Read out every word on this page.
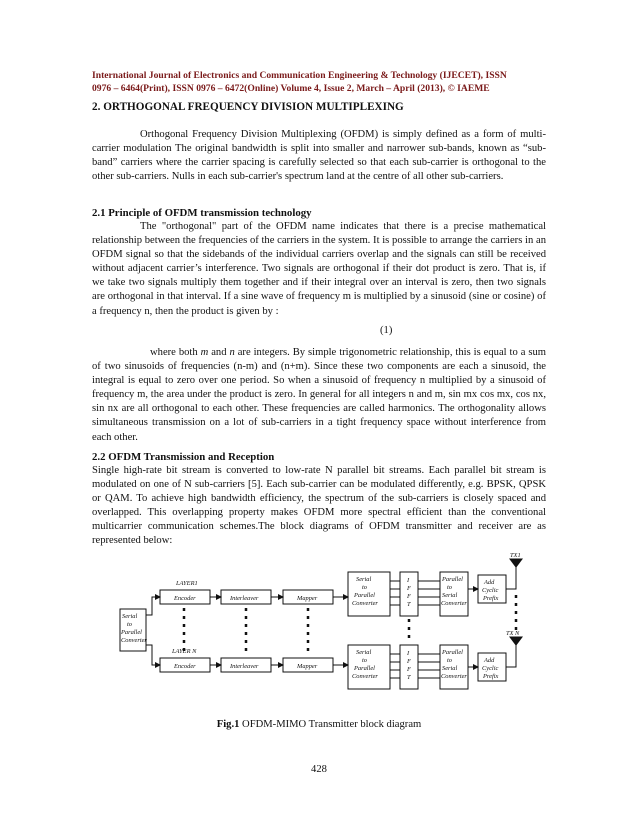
International Journal of Electronics and Communication Engineering & Technology (IJECET), ISSN
0976 – 6464(Print), ISSN 0976 – 6472(Online) Volume 4, Issue 2, March – April (2013), © IAEME
2. ORTHOGONAL FREQUENCY DIVISION MULTIPLEXING

Orthogonal Frequency Division Multiplexing (OFDM) is simply defined as a form of multi-carrier modulation The original bandwidth is split into smaller and narrower sub-bands, known as “sub-band” carriers where the carrier spacing is carefully selected so that each sub-carrier is orthogonal to the other sub-carriers. Nulls in each sub-carrier's spectrum land at the centre of all other sub-carriers.

2.1 Principle of OFDM transmission technology

The "orthogonal" part of the OFDM name indicates that there is a precise mathematical relationship between the frequencies of the carriers in the system. It is possible to arrange the carriers in an OFDM signal so that the sidebands of the individual carriers overlap and the signals can still be received without adjacent carrier’s interference. Two signals are orthogonal if their dot product is zero. That is, if we take two signals multiply them together and if their integral over an interval is zero, then two signals are orthogonal in that interval. If a sine wave of frequency m is multiplied by a sinusoid (sine or cosine) of a frequency n, then the product is given by :

(1)

where both m and n are integers. By simple trigonometric relationship, this is equal to a sum of two sinusoids of frequencies (n-m) and (n+m). Since these two components are each a sinusoid, the integral is equal to zero over one period. So when a sinusoid of frequency n multiplied by a sinusoid of frequency m, the area under the product is zero. In general for all integers n and m, sin mx cos mx, cos nx, sin nx are all orthogonal to each other. These frequencies are called harmonics. The orthogonality allows simultaneous transmission on a lot of sub-carriers in a tight frequency space without interference from each other.

2.2 OFDM Transmission and Reception

Single high-rate bit stream is converted to low-rate N parallel bit streams. Each parallel bit stream is modulated on one of N sub-carriers [5]. Each sub-carrier can be modulated differently, e.g. BPSK, QPSK or QAM. To achieve high bandwidth efficiency, the spectrum of the sub-carriers is closely spaced and overlapped. This overlapping property makes OFDM more spectral efficient than the conventional multicarrier communication schemes.The block diagrams of OFDM transmitter and receiver are as represented below:

Serial
to
Parallel
Converter
LAYER1
LAYER N
Encoder	Interleaver	Mapper
Encoder	Interleaver	Mapper
Serial
to
Parallel
Converter
Serial
to
Parallel
Converter
I
F
F
T
I
F
F
T
Parallel
to
Serial
Converter
Parallel
to
Serial
Converter
Add
Cyclic
Prefix
Add
Cyclic
Prefix
TX1
TX N
Fig.1 OFDM-MIMO Transmitter block diagram
428
